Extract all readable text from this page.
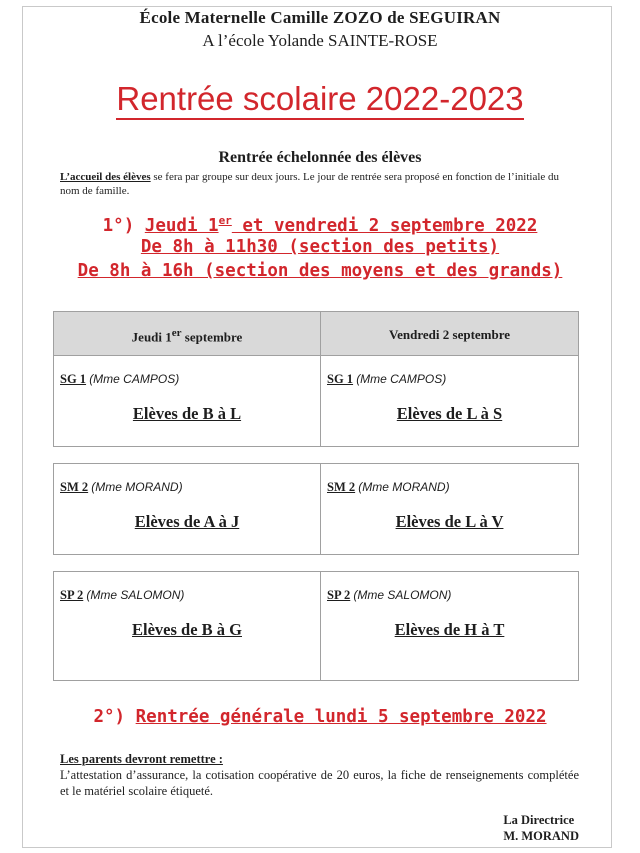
École Maternelle Camille ZOZO de SEGUIRAN
A l’école Yolande SAINTE-ROSE
Rentrée scolaire 2022-2023
Rentrée échelonnée des élèves
L’accueil des élèves se fera par groupe sur deux jours. Le jour de rentrée sera proposé en fonction de l’initiale du nom de famille.
1°) Jeudi 1er et vendredi 2 septembre 2022
De 8h à 11h30 (section des petits)
De 8h à 16h (section des moyens et des grands)
Jeudi 1er septembre	Vendredi 2 septembre
SG 1 (Mme CAMPOS)
Elèves de B à L
SG 1 (Mme CAMPOS)
Elèves de L à S
SM 2 (Mme MORAND)
Elèves de A à J
SM 2 (Mme MORAND)
Elèves de L à V
SP 2 (Mme SALOMON)
Elèves de B à G
SP 2 (Mme SALOMON)
Elèves de H à T
2°) Rentrée générale lundi 5 septembre 2022
Les parents devront remettre :
L’attestation d’assurance, la cotisation coopérative de 20 euros, la fiche de renseignements complétée et le matériel scolaire étiqueté.
La Directrice
M. MORAND
